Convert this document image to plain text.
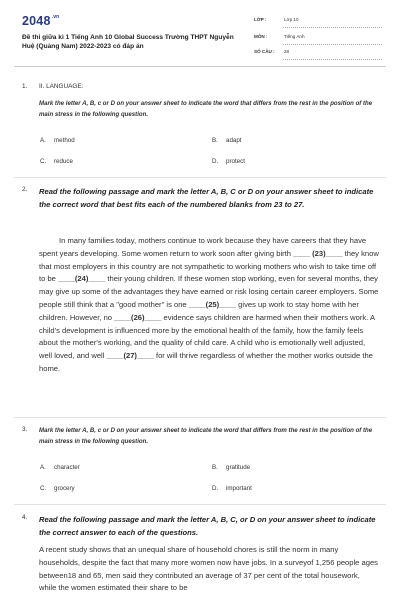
$2048^{.vn}$
Đề thi giữa kì 1 Tiếng Anh 10 Global Success Trường THPT Nguyễn Huệ (Quảng Nam) 2022-2023 có đáp án
LỚP :	Lớp 10
MÔN :	Tiếng Anh
SỐ CÂU : 28
1. II. LANGUAGE:
Mark the letter A, B, c or D on your answer sheet to indicate the word that differs from the rest in the position of the main stress in the following question.
A. method	B. adapt
C. reduce	D. protect
2. Read the following passage and mark the letter A, B, C or D on your answer sheet to indicate the correct word that best fits each of the numbered blanks from 23 to 27.

In many families today, mothers continue to work because they have careers that they have spent years developing. Some women return to work soon after giving birth ____ (23)____ they know that most employers in this country are not sympathetic to working mothers who wish to take time off to be ____(24)____ their young children. If these women stop working, even for several months, they may give up some of the advantages they have earned or risk losing certain career employers. Some people still think that a "good mother" is one ____(25)____ gives up work to stay home with her children. However, no ____(26)____ evidence says children are harmed when their mothers work. A child's development is influenced more by the emotional health of the family, how the family feels about the mother's working, and the quality of child care. A child who is emotionally well adjusted, well loved, and well ____(27)____ for will thrive regardless of whether the mother works outside the home.

3. Mark the letter A, B, c or D on your answer sheet to indicate the word that differs from the rest in the position of the main stress in the following question.
A. character	B. gratitude
C. grocery	D. important
4. Read the following passage and mark the letter A, B, C, or D on your answer sheet to indicate the correct answer to each of the questions.

A recent study shows that an unequal share of household chores is still the norm in many households, despite the fact that many more women now have jobs. In a surveyof 1,256 people ages between18 and 65, men said they contributed an average of 37 per cent of the total housework, while the women estimated their share to be
